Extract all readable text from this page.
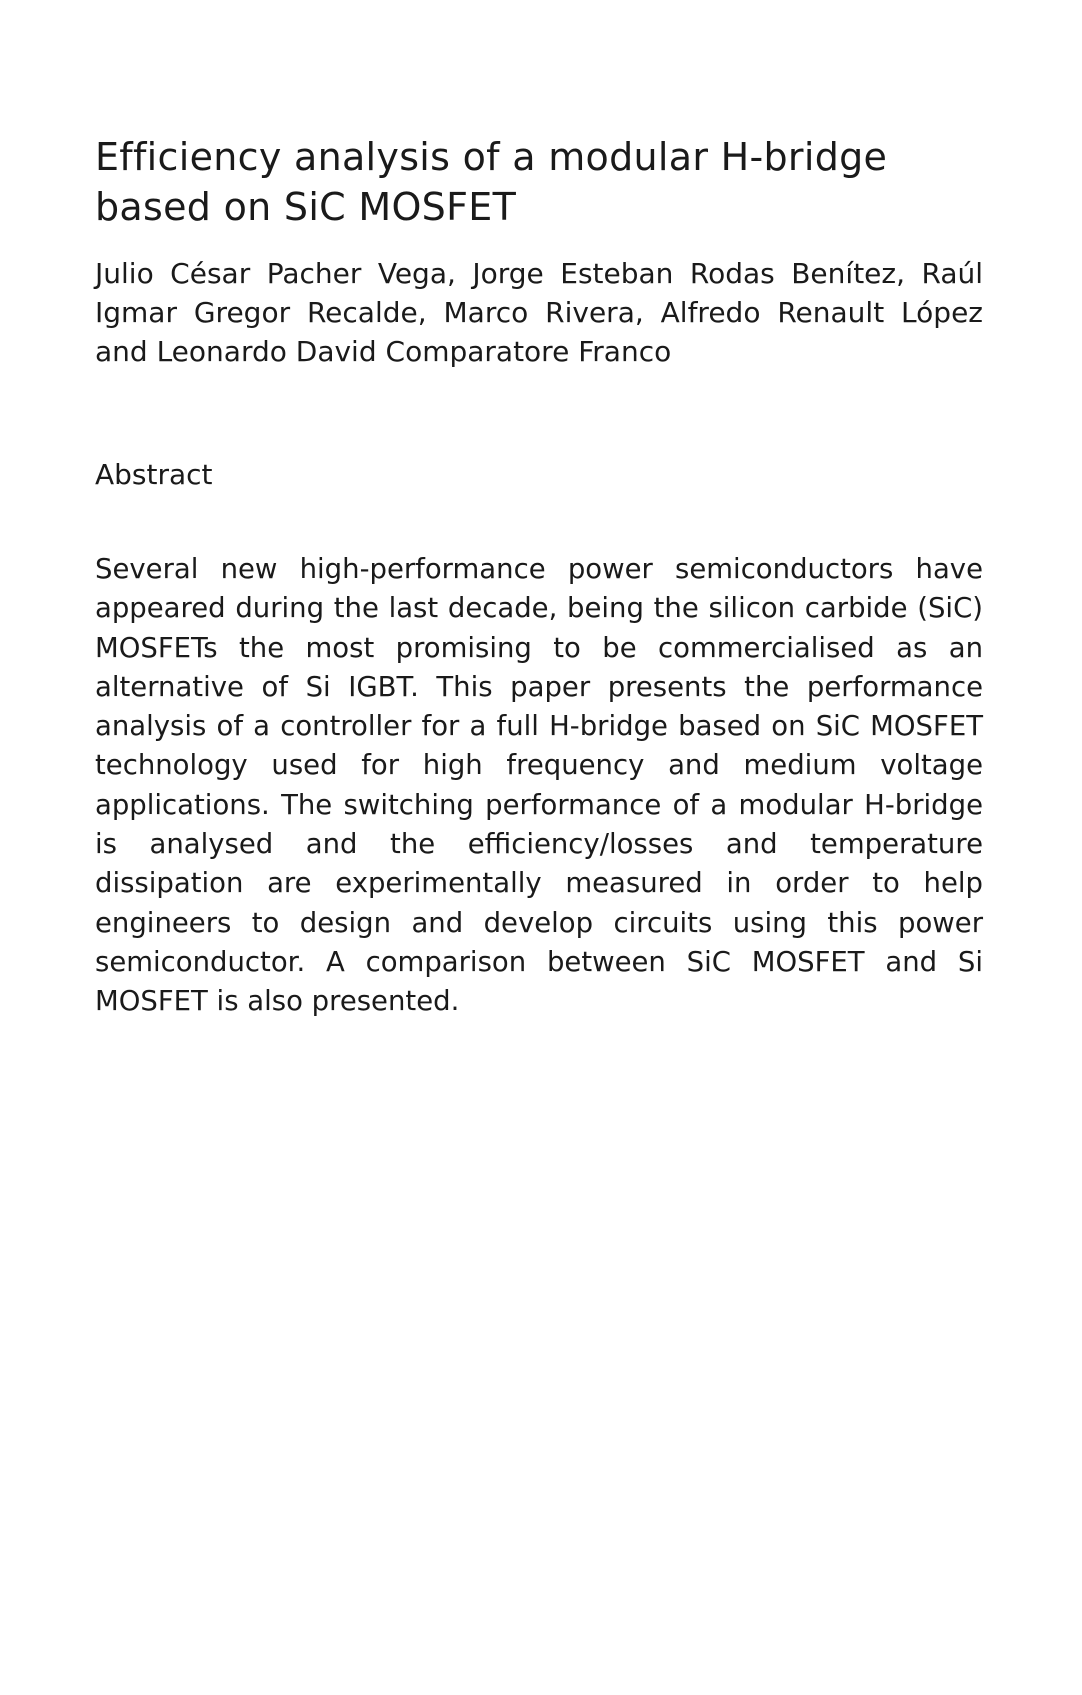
Efficiency analysis of a modular H-bridge based on SiC MOSFET

Julio César Pacher Vega, Jorge Esteban Rodas Benítez, Raúl Igmar Gregor Recalde, Marco Rivera, Alfredo Renault López and Leonardo David Comparatore Franco

Abstract

Several new high-performance power semiconductors have appeared during the last decade, being the silicon carbide (SiC) MOSFETs the most promising to be commercialised as an alternative of Si IGBT. This paper presents the performance analysis of a controller for a full H-bridge based on SiC MOSFET technology used for high frequency and medium voltage applications. The switching performance of a modular H-bridge is analysed and the efficiency/losses and temperature dissipation are experimentally measured in order to help engineers to design and develop circuits using this power semiconductor. A comparison between SiC MOSFET and Si MOSFET is also presented.
